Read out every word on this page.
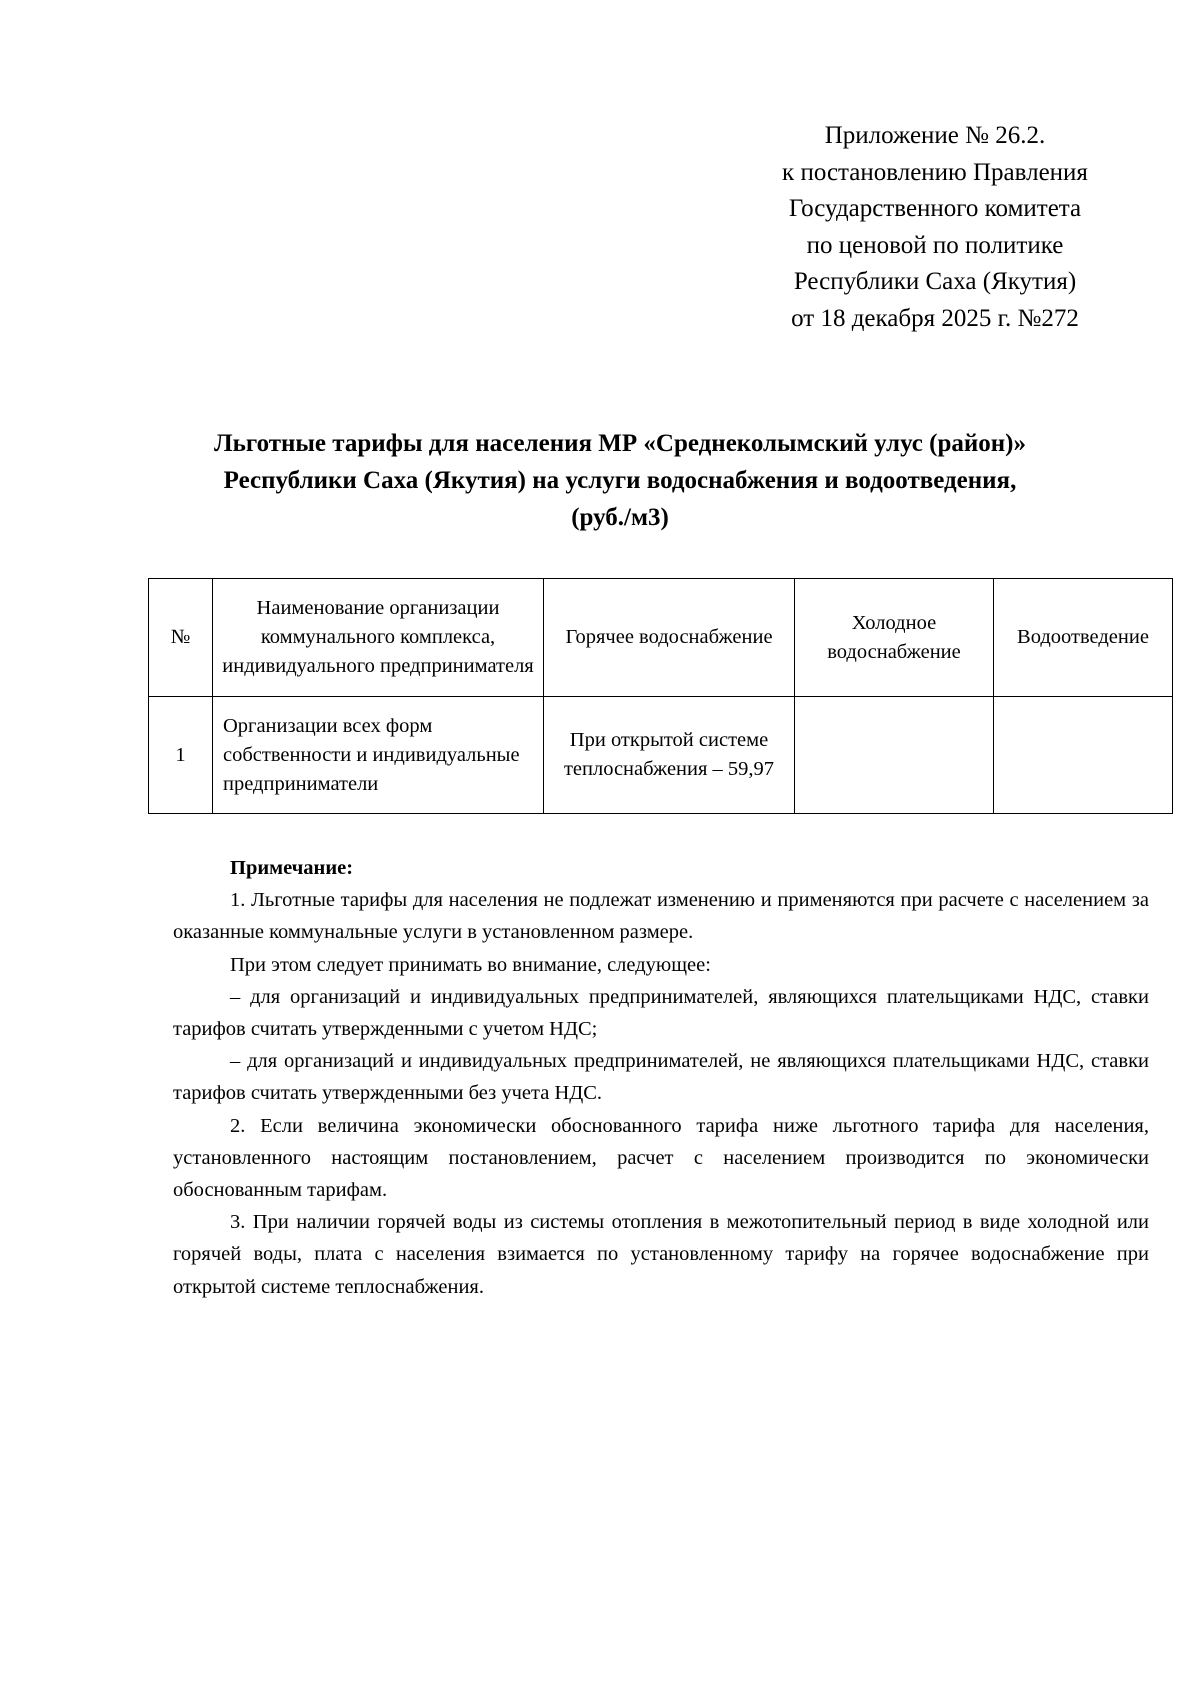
Приложение № 26.2.
к постановлению Правления
Государственного комитета
по ценовой по политике
Республики Саха (Якутия)
от 18 декабря 2025 г. №272
Льготные тарифы для населения МР «Среднеколымский улус (район)»
Республики Саха (Якутия) на услуги водоснабжения и водоотведения,
(руб./м3)
№	Наименование организации коммунального комплекса, индивидуального предпринимателя	Горячее водоснабжение	Холодное водоснабжение	Водоотведение
1	Организации всех форм собственности и индивидуальные предприниматели	При открытой системе теплоснабжения – 59,97		
Примечание:

1. Льготные тарифы для населения не подлежат изменению и применяются при расчете с населением за оказанные коммунальные услуги в установленном размере.

При этом следует принимать во внимание, следующее:

– для организаций и индивидуальных предпринимателей, являющихся плательщиками НДС, ставки тарифов считать утвержденными с учетом НДС;

– для организаций и индивидуальных предпринимателей, не являющихся плательщиками НДС, ставки тарифов считать утвержденными без учета НДС.

2. Если величина экономически обоснованного тарифа ниже льготного тарифа для населения, установленного настоящим постановлением, расчет с населением производится по экономически обоснованным тарифам.

3. При наличии горячей воды из системы отопления в межотопительный период в виде холодной или горячей воды, плата с населения взимается по установленному тарифу на горячее водоснабжение при открытой системе теплоснабжения.
